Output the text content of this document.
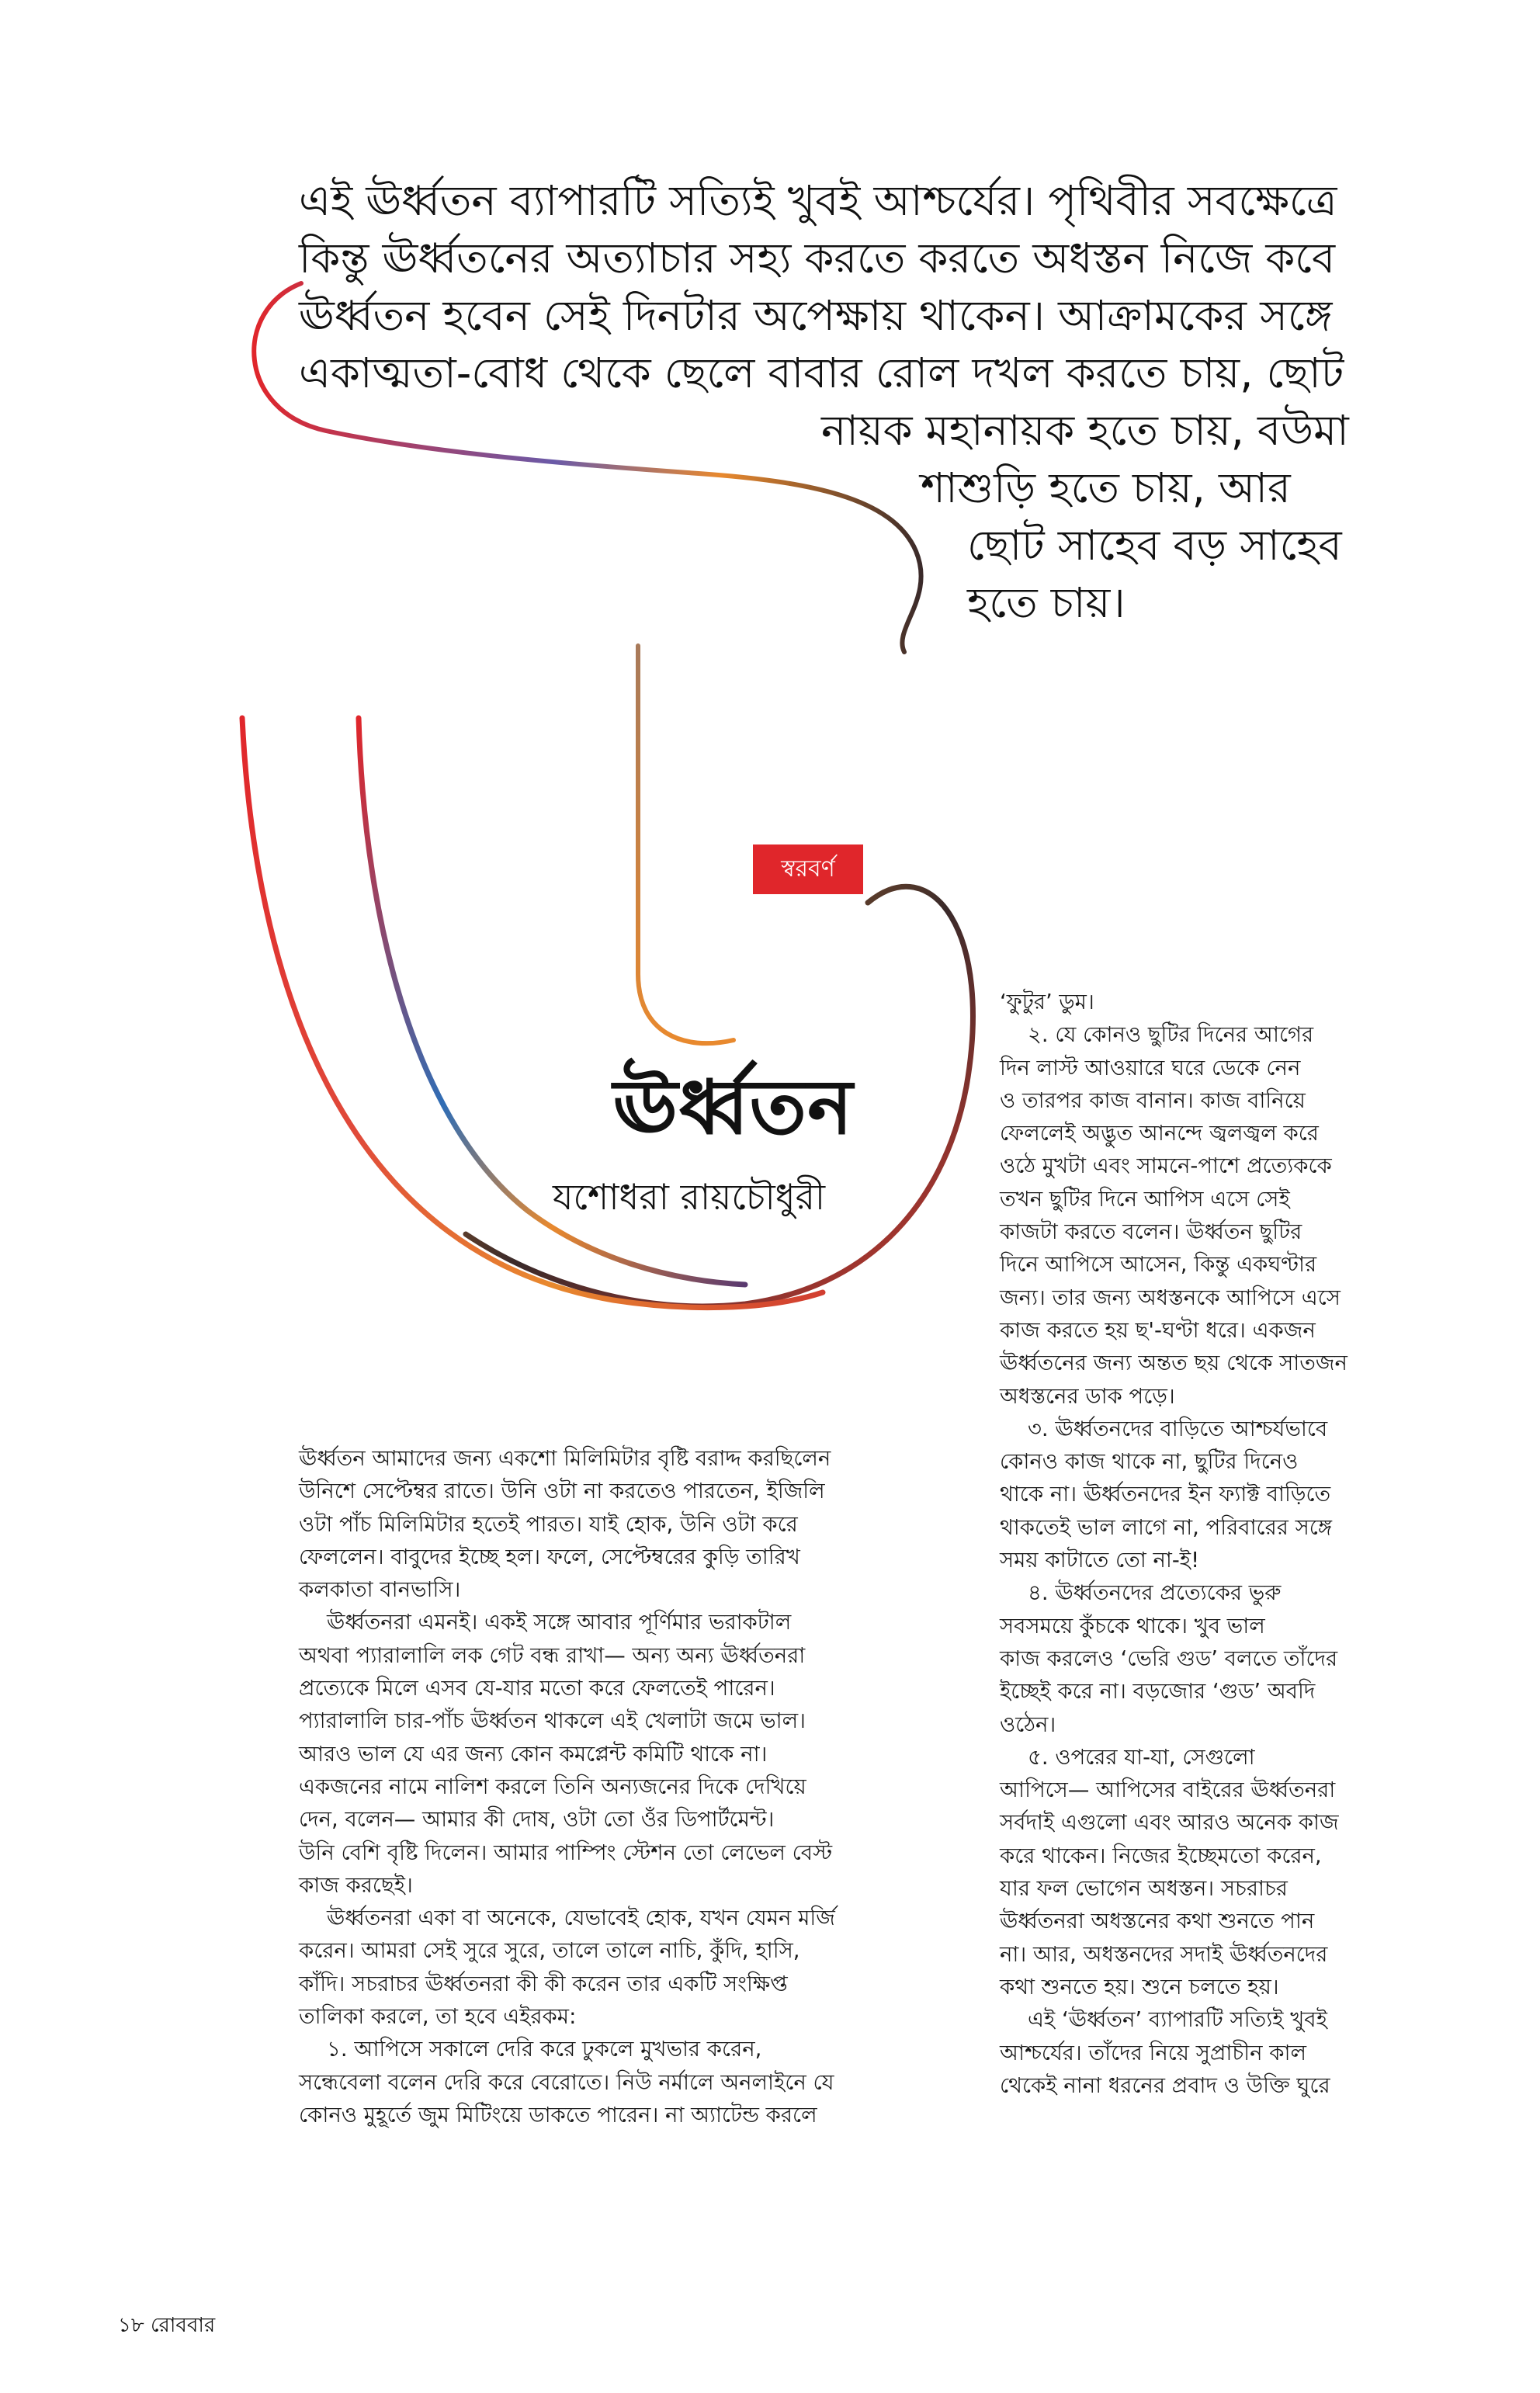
এই ঊর্ধ্বতন ব্যাপারটি সত্যিই খুবই আশ্চর্যের। পৃথিবীর সবক্ষেত্রে
কিন্তু ঊর্ধ্বতনের অত্যাচার সহ্য করতে করতে অধস্তন নিজে কবে
ঊর্ধ্বতন হবেন সেই দিনটার অপেক্ষায় থাকেন। আক্রামকের সঙ্গে
একাত্মতা-বোধ থেকে ছেলে বাবার রোল দখল করতে চায়, ছোট
নায়ক মহানায়ক হতে চায়, বউমা
শাশুড়ি হতে চায়, আর
ছোট সাহেব বড় সাহেব
হতে চায়।
স্বরবর্ণ
ঊর্ধ্বতন
যশোধরা রায়চৌধুরী

ঊর্ধ্বতন আমাদের জন্য একশো মিলিমিটার বৃষ্টি বরাদ্দ করছিলেন

উনিশে সেপ্টেম্বর রাতে। উনি ওটা না করতেও পারতেন, ইজিলি

ওটা পাঁচ মিলিমিটার হতেই পারত। যাই হোক, উনি ওটা করে

ফেললেন। বাবুদের ইচ্ছে হল। ফলে, সেপ্টেম্বরের কুড়ি তারিখ

কলকাতা বানভাসি।

ঊর্ধ্বতনরা এমনই। একই সঙ্গে আবার পূর্ণিমার ভরাকটাল

অথবা প্যারালালি লক গেট বন্ধ রাখা— অন্য অন্য ঊর্ধ্বতনরা

প্রত্যেকে মিলে এসব যে-যার মতো করে ফেলতেই পারেন।

প্যারালালি চার-পাঁচ ঊর্ধ্বতন থাকলে এই খেলাটা জমে ভাল।

আরও ভাল যে এর জন্য কোন কমপ্লেন্ট কমিটি থাকে না।

একজনের নামে নালিশ করলে তিনি অন্যজনের দিকে দেখিয়ে

দেন, বলেন— আমার কী দোষ, ওটা তো ওঁর ডিপার্টমেন্ট।

উনি বেশি বৃষ্টি দিলেন। আমার পাম্পিং স্টেশন তো লেভেল বেস্ট

কাজ করছেই।

ঊর্ধ্বতনরা একা বা অনেকে, যেভাবেই হোক, যখন যেমন মর্জি

করেন। আমরা সেই সুরে সুরে, তালে তালে নাচি, কুঁদি, হাসি,

কাঁদি। সচরাচর ঊর্ধ্বতনরা কী কী করেন তার একটি সংক্ষিপ্ত

তালিকা করলে, তা হবে এইরকম:

১. আপিসে সকালে দেরি করে ঢুকলে মুখভার করেন,

সন্ধেবেলা বলেন দেরি করে বেরোতে। নিউ নর্মালে অনলাইনে যে

কোনও মুহূর্তে জুম মিটিংয়ে ডাকতে পারেন। না অ্যাটেন্ড করলে

‘ফুটুর’ ডুম।

২. যে কোনও ছুটির দিনের আগের

দিন লাস্ট আওয়ারে ঘরে ডেকে নেন

ও তারপর কাজ বানান। কাজ বানিয়ে

ফেললেই অদ্ভুত আনন্দে জ্বলজ্বল করে

ওঠে মুখটা এবং সামনে-পাশে প্রত্যেককে

তখন ছুটির দিনে আপিস এসে সেই

কাজটা করতে বলেন। ঊর্ধ্বতন ছুটির

দিনে আপিসে আসেন, কিন্তু একঘণ্টার

জন্য। তার জন্য অধস্তনকে আপিসে এসে

কাজ করতে হয় ছ'-ঘণ্টা ধরে। একজন

ঊর্ধ্বতনের জন্য অন্তত ছয় থেকে সাতজন

অধস্তনের ডাক পড়ে।

৩. ঊর্ধ্বতনদের বাড়িতে আশ্চর্যভাবে

কোনও কাজ থাকে না, ছুটির দিনেও

থাকে না। ঊর্ধ্বতনদের ইন ফ্যাক্ট বাড়িতে

থাকতেই ভাল লাগে না, পরিবারের সঙ্গে

সময় কাটাতে তো না-ই!

৪. ঊর্ধ্বতনদের প্রত্যেকের ভুরু

সবসময়ে কুঁচকে থাকে। খুব ভাল

কাজ করলেও ‘ভেরি গুড’ বলতে তাঁদের

ইচ্ছেই করে না। বড়জোর ‘গুড’ অবদি

ওঠেন।

৫. ওপরের যা-যা, সেগুলো

আপিসে— আপিসের বাইরের ঊর্ধ্বতনরা

সর্বদাই এগুলো এবং আরও অনেক কাজ

করে থাকেন। নিজের ইচ্ছেমতো করেন,

যার ফল ভোগেন অধস্তন। সচরাচর

ঊর্ধ্বতনরা অধস্তনের কথা শুনতে পান

না। আর, অধস্তনদের সদাই ঊর্ধ্বতনদের

কথা শুনতে হয়। শুনে চলতে হয়।

এই ‘ঊর্ধ্বতন’ ব্যাপারটি সত্যিই খুবই

আশ্চর্যের। তাঁদের নিয়ে সুপ্রাচীন কাল

থেকেই নানা ধরনের প্রবাদ ও উক্তি ঘুরে

১৮ রোববার
